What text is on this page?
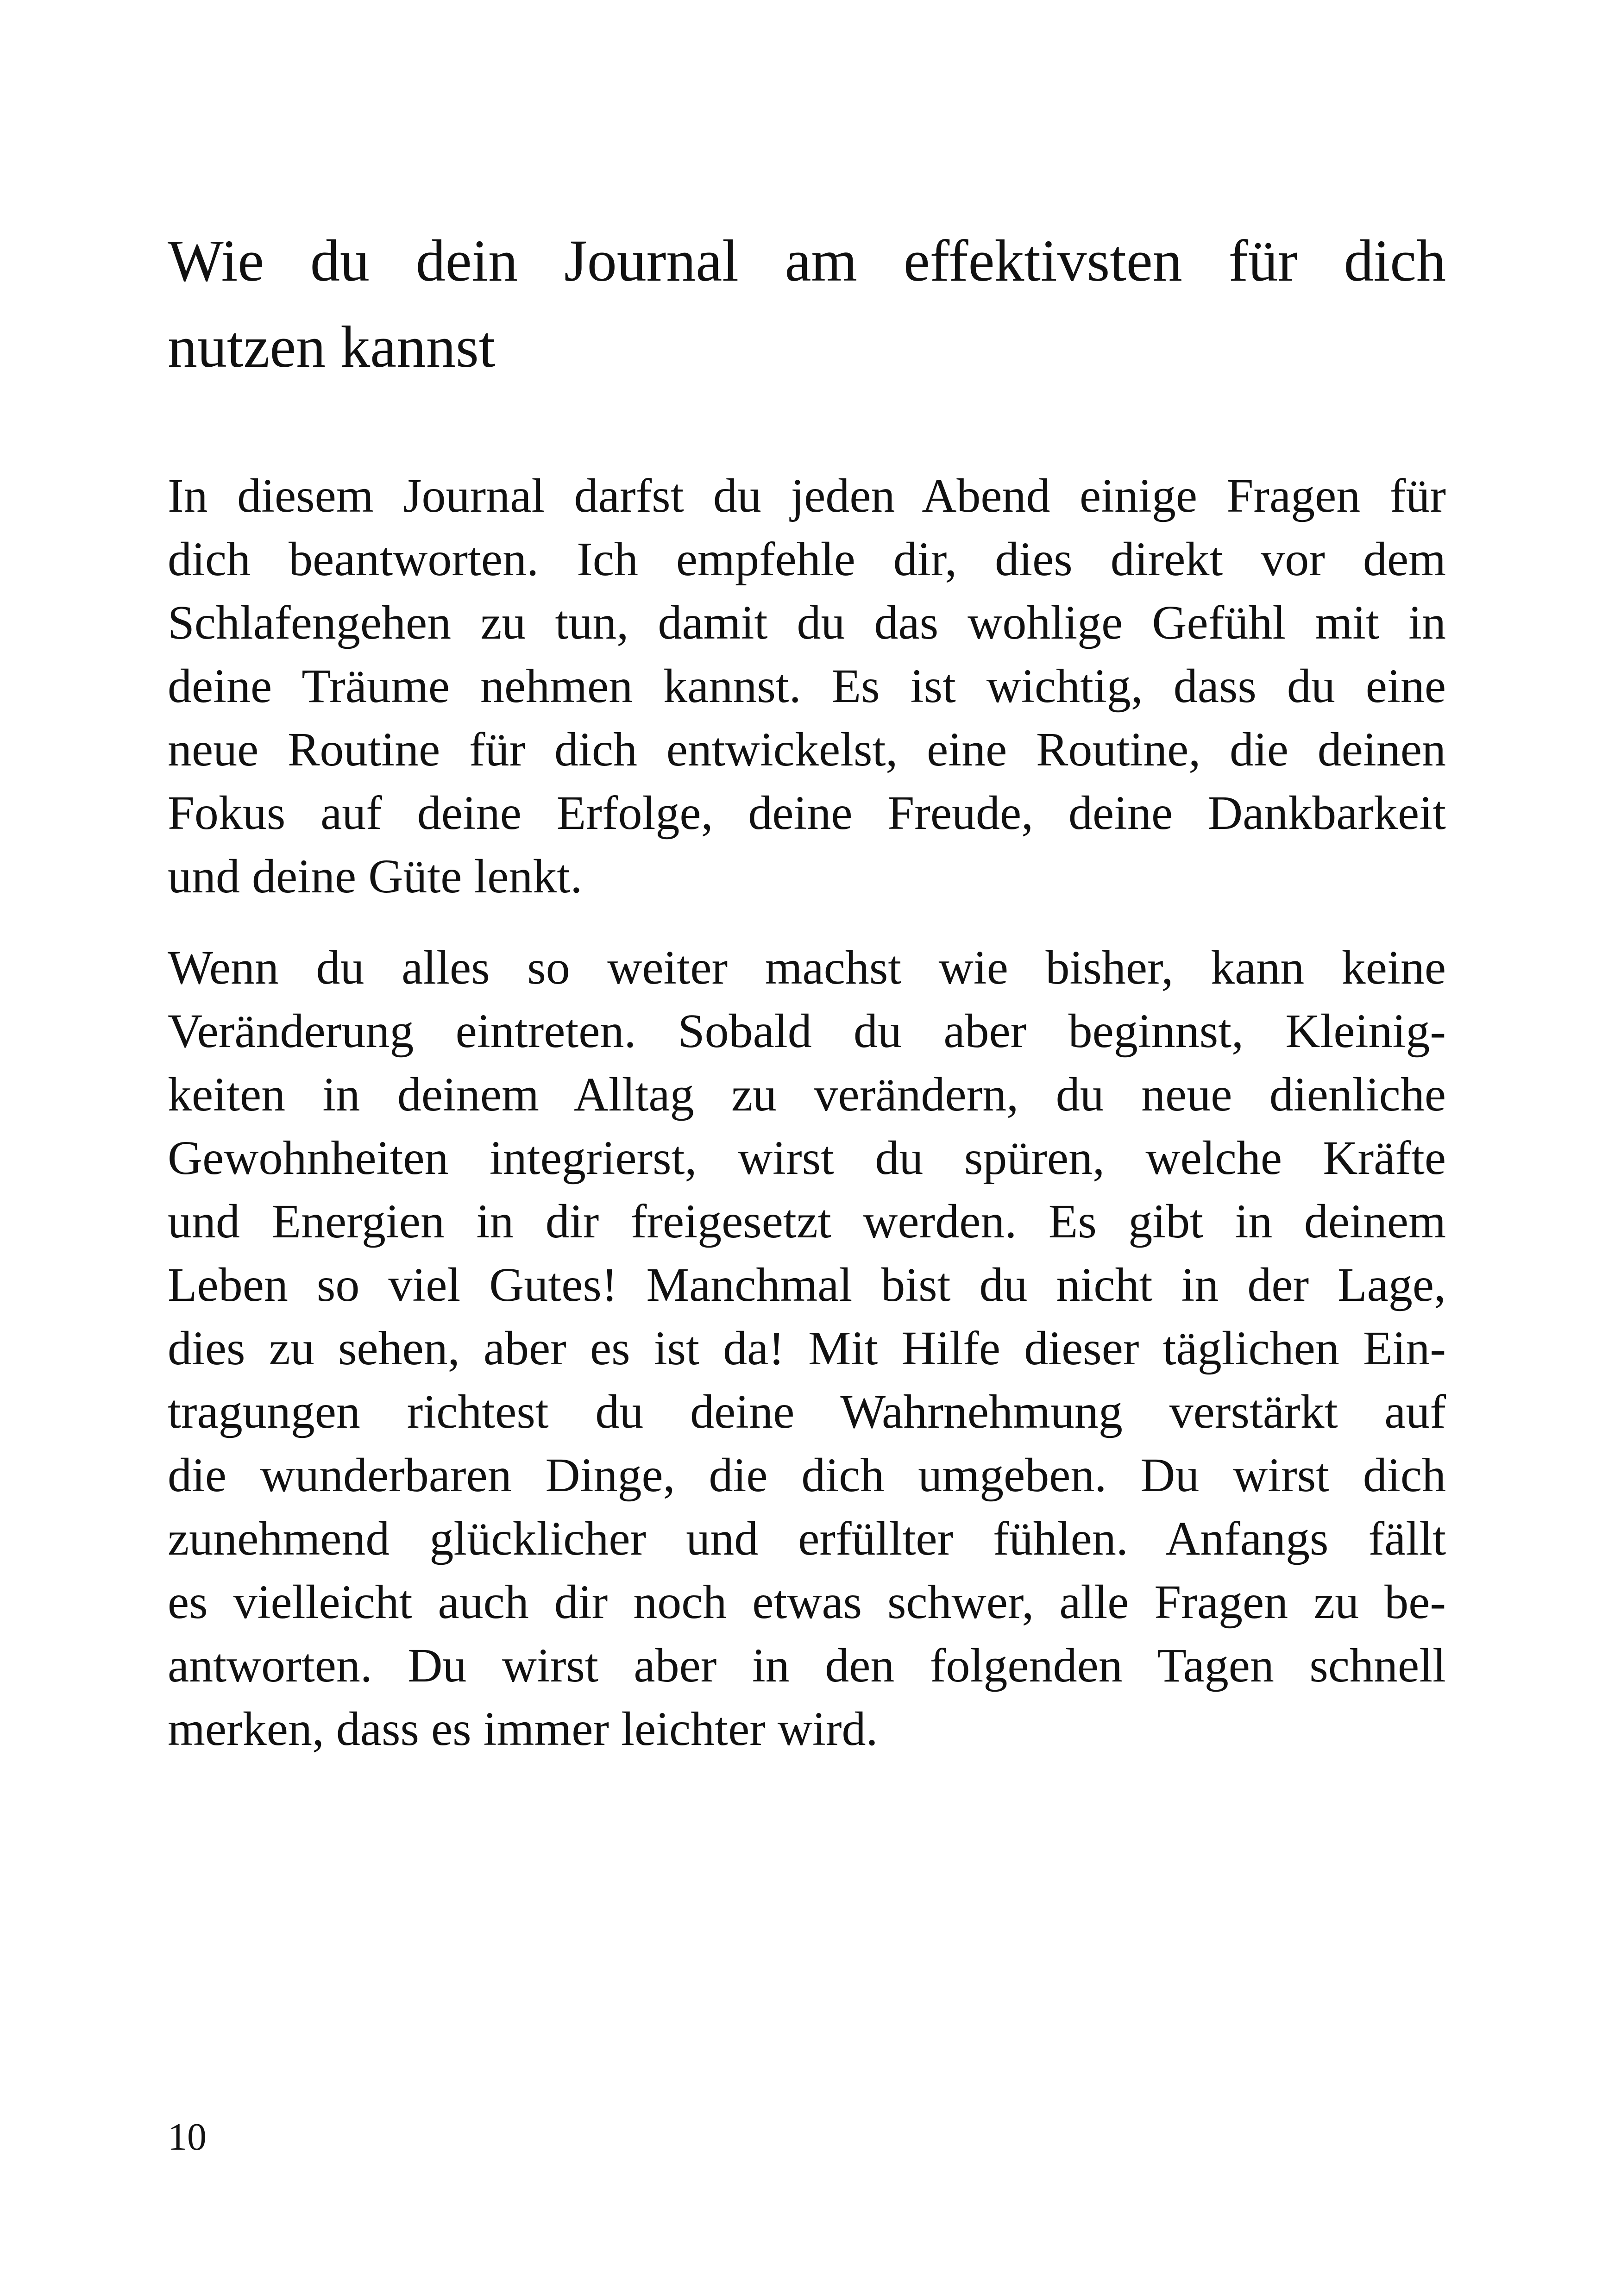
Wie du dein Journal am effektivsten für dich
nutzen kannst

In diesem Journal darfst du jeden Abend einige Fragen für
dich beantworten. Ich empfehle dir, dies direkt vor dem
Schlafengehen zu tun, damit du das wohlige Gefühl mit in
deine Träume nehmen kannst. Es ist wichtig, dass du eine
neue Routine für dich entwickelst, eine Routine, die deinen
Fokus auf deine Erfolge, deine Freude, deine Dankbarkeit
und deine Güte lenkt.

Wenn du alles so weiter machst wie bisher, kann keine
Veränderung eintreten. Sobald du aber beginnst, Kleinig-
keiten in deinem Alltag zu verändern, du neue dienliche
Gewohnheiten integrierst, wirst du spüren, welche Kräfte
und Energien in dir freigesetzt werden. Es gibt in deinem
Leben so viel Gutes! Manchmal bist du nicht in der Lage,
dies zu sehen, aber es ist da! Mit Hilfe dieser täglichen Ein-
tragungen richtest du deine Wahrnehmung verstärkt auf
die wunderbaren Dinge, die dich umgeben. Du wirst dich
zunehmend glücklicher und erfüllter fühlen. Anfangs fällt
es vielleicht auch dir noch etwas schwer, alle Fragen zu be-
antworten. Du wirst aber in den folgenden Tagen schnell
merken, dass es immer leichter wird.

10
